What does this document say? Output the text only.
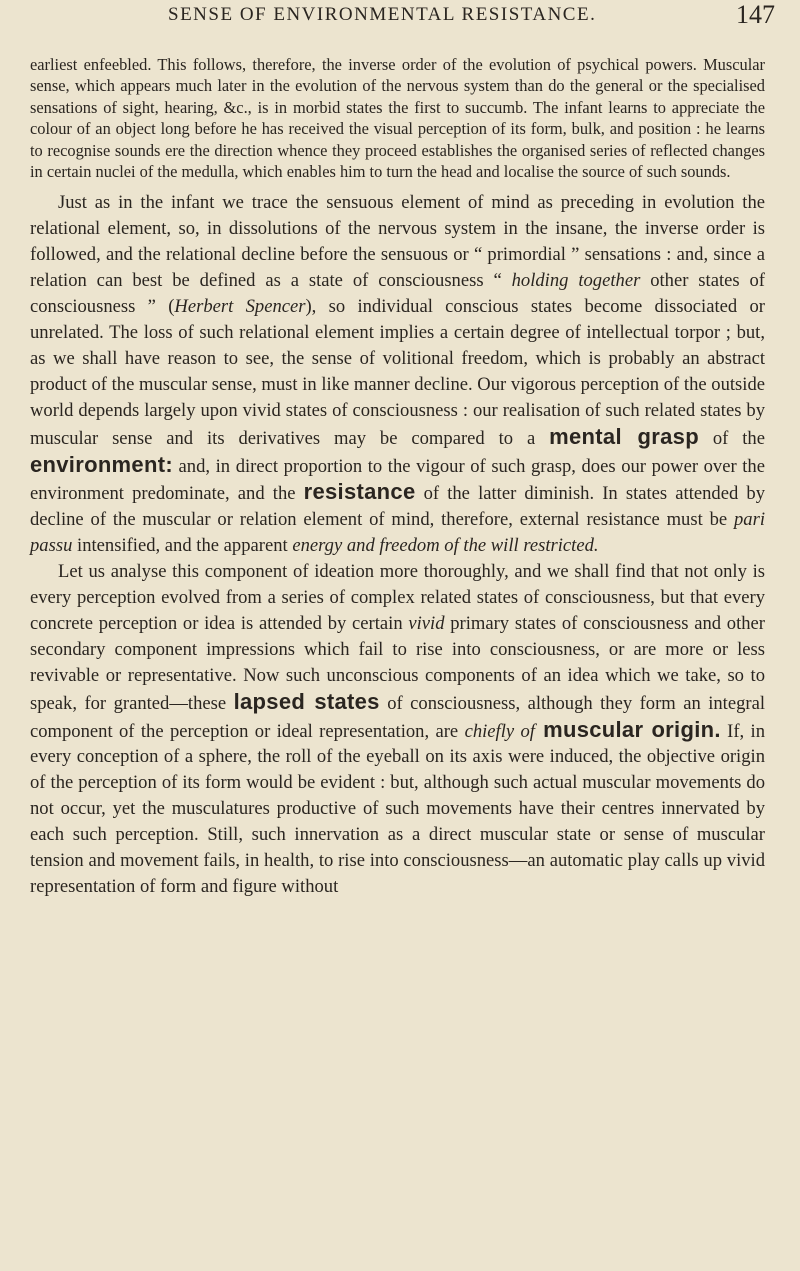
SENSE OF ENVIRONMENTAL RESISTANCE.	147

earliest enfeebled. This follows, therefore, the inverse order of the evolution of psychical powers. Muscular sense, which appears much later in the evolution of the nervous system than do the general or the specialised sensations of sight, hearing, &c., is in morbid states the first to succumb. The infant learns to appreciate the colour of an object long before he has received the visual perception of its form, bulk, and position : he learns to recognise sounds ere the direction whence they proceed establishes the organised series of reflected changes in certain nuclei of the medulla, which enables him to turn the head and localise the source of such sounds.

Just as in the infant we trace the sensuous element of mind as preceding in evolution the relational element, so, in dissolutions of the nervous system in the insane, the inverse order is followed, and the relational decline before the sensuous or “ primordial ” sensations : and, since a relation can best be defined as a state of consciousness “ holding together other states of consciousness ” (Herbert Spencer), so individual conscious states become dissociated or unrelated. The loss of such relational element implies a certain degree of intellectual torpor ; but, as we shall have reason to see, the sense of volitional freedom, which is probably an abstract product of the muscular sense, must in like manner decline. Our vigorous perception of the outside world depends largely upon vivid states of consciousness : our realisation of such related states by muscular sense and its derivatives may be compared to a mental grasp of the environment: and, in direct proportion to the vigour of such grasp, does our power over the environment predominate, and the resistance of the latter diminish. In states attended by decline of the muscular or relation element of mind, therefore, external resistance must be pari passu intensified, and the apparent energy and freedom of the will restricted.

Let us analyse this component of ideation more thoroughly, and we shall find that not only is every perception evolved from a series of complex related states of consciousness, but that every concrete perception or idea is attended by certain vivid primary states of consciousness and other secondary component impressions which fail to rise into consciousness, or are more or less revivable or representative. Now such unconscious components of an idea which we take, so to speak, for granted—these lapsed states of consciousness, although they form an integral component of the perception or ideal representation, are chiefly of muscular origin. If, in every conception of a sphere, the roll of the eyeball on its axis were induced, the objective origin of the perception of its form would be evident : but, although such actual muscular movements do not occur, yet the musculatures productive of such movements have their centres innervated by each such perception. Still, such innervation as a direct muscular state or sense of muscular tension and movement fails, in health, to rise into consciousness—an automatic play calls up vivid representation of form and figure without
